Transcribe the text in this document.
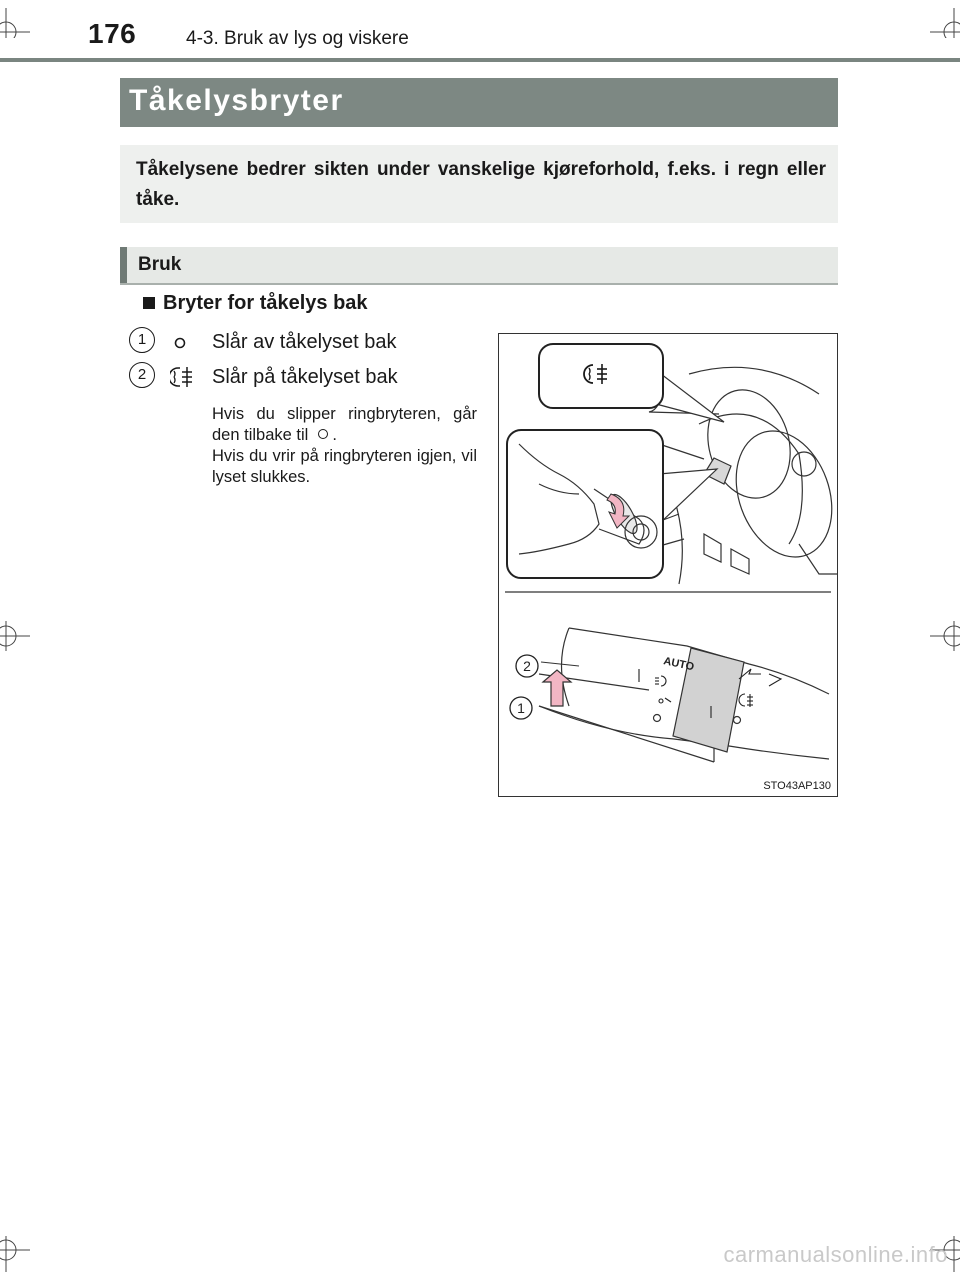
176	4-3. Bruk av lys og viskere
Tåkelysbryter
Tåkelysene bedrer sikten under vanskelige kjøreforhold, f.eks. i regn eller tåke.
Bruk
Bryter for tåkelys bak
1	Slår av tåkelyset bak
2	Slår på tåkelyset bak
Hvis du slipper ringbryteren, går den tilbake til .
Hvis du vrir på ringbryteren igjen, vil lyset slukkes.
AUTO
2
1
STO43AP130
carmanualsonline.info
